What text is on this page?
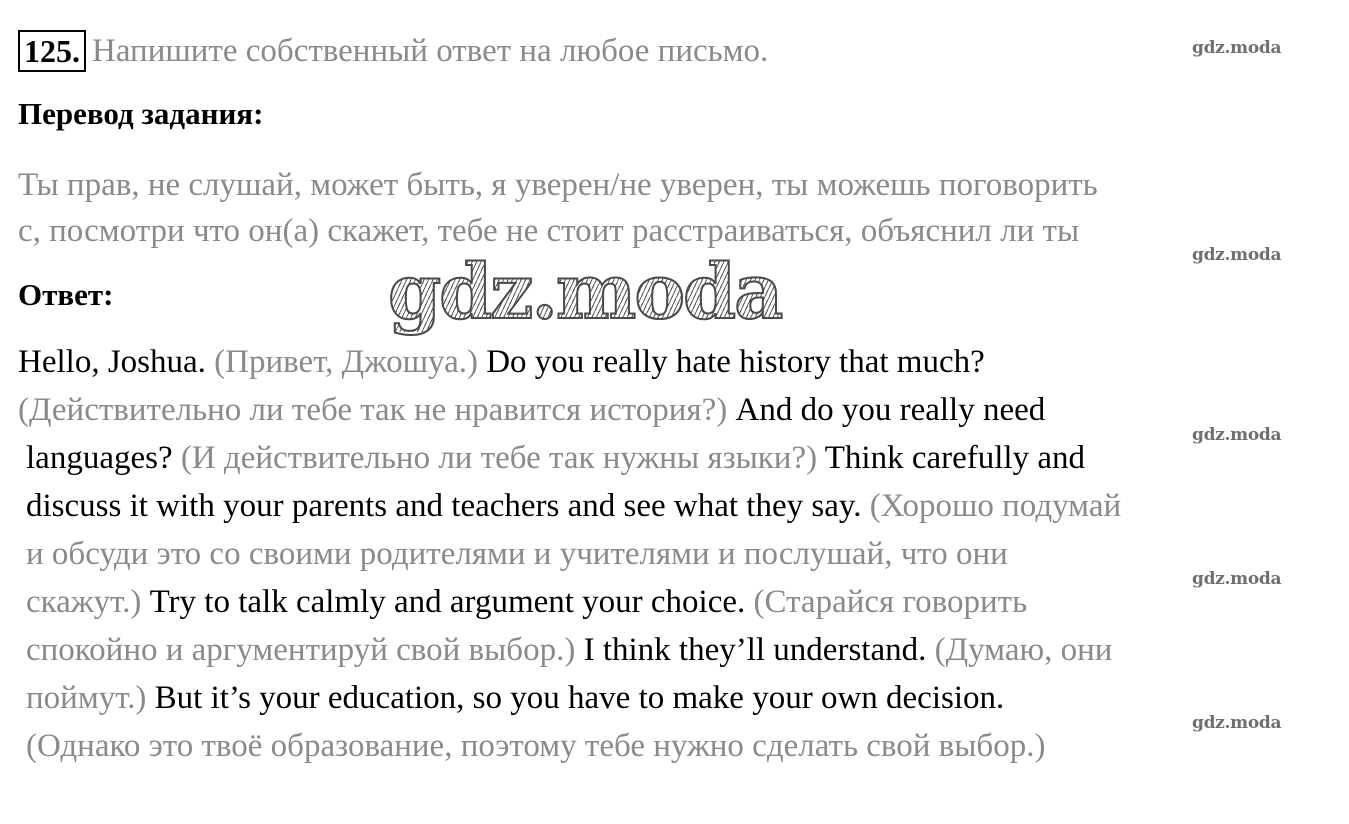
125. Напишите собственный ответ на любое письмо.
Перевод задания:
Ты прав, не слушай, может быть, я уверен/не уверен, ты можешь поговорить
с, посмотри что он(а) скажет, тебе не стоит расстраиваться, объяснил ли ты
Ответ:	gdz.moda
Hello, Joshua. (Привет, Джошуа.) Do you really hate history that much?
(Действительно ли тебе так не нравится история?) And do you really need
languages? (И действительно ли тебе так нужны языки?) Think carefully and
discuss it with your parents and teachers and see what they say. (Хорошо подумай
и обсуди это со своими родителями и учителями и послушай, что они
скажут.) Try to talk calmly and argument your choice. (Старайся говорить
спокойно и аргументируй свой выбор.) I think they’ll understand. (Думаю, они
поймут.) But it’s your education, so you have to make your own decision.
(Однако это твоё образование, поэтому тебе нужно сделать свой выбор.)
gdz.moda
gdz.moda
gdz.moda
gdz.moda
gdz.moda
